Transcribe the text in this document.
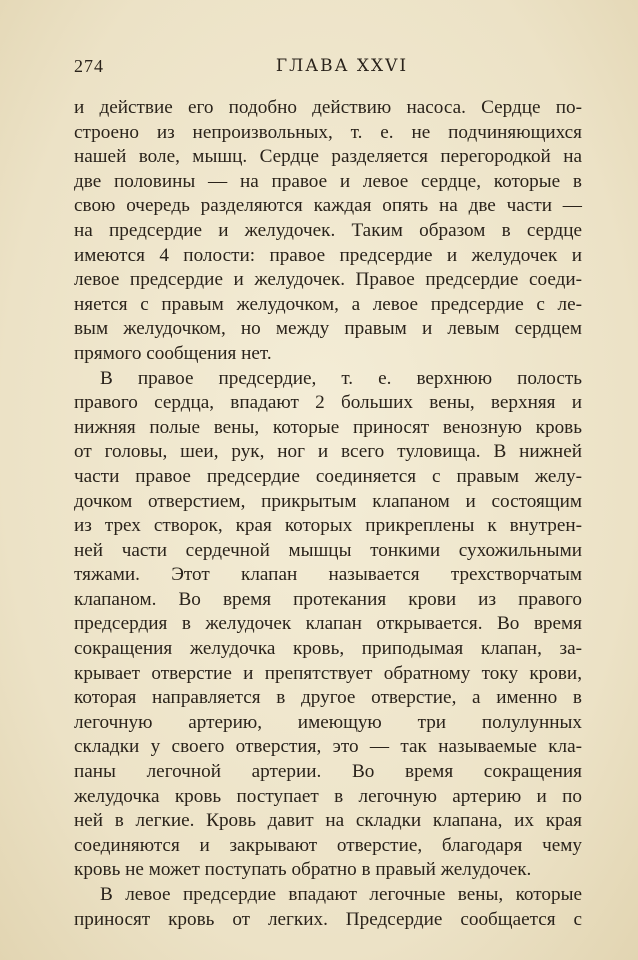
274	ГЛАВА XXVI
и действие его подобно действию насоса. Сердце по-
строено из непроизвольных, т. е. не подчиняющихся
нашей воле, мышц. Сердце разделяется перегородкой на
две половины — на правое и левое сердце, которые в
свою очередь разделяются каждая опять на две части —
на предсердие и желудочек. Таким образом в сердце
имеются 4 полости: правое предсердие и желудочек и
левое предсердие и желудочек. Правое предсердие соеди-
няется с правым желудочком, а левое предсердие с ле-
вым желудочком, но между правым и левым сердцем
прямого сообщения нет.
В правое предсердие, т. е. верхнюю полость
правого сердца, впадают 2 больших вены, верхняя и
нижняя полые вены, которые приносят венозную кровь
от головы, шеи, рук, ног и всего туловища. В нижней
части правое предсердие соединяется с правым желу-
дочком отверстием, прикрытым клапаном и состоящим
из трех створок, края которых прикреплены к внутрен-
ней части сердечной мышцы тонкими сухожильными
тяжами. Этот клапан называется трехстворчатым
клапаном. Во время протекания крови из правого
предсердия в желудочек клапан открывается. Во время
сокращения желудочка кровь, приподымая клапан, за-
крывает отверстие и препятствует обратному току крови,
которая направляется в другое отверстие, а именно в
легочную артерию, имеющую три полулунных
складки у своего отверстия, это — так называемые кла-
паны легочной артерии. Во время сокращения
желудочка кровь поступает в легочную артерию и по
ней в легкие. Кровь давит на складки клапана, их края
соединяются и закрывают отверстие, благодаря чему
кровь не может поступать обратно в правый желудочек.
В левое предсердие впадают легочные вены, которые
приносят кровь от легких. Предсердие сообщается с
